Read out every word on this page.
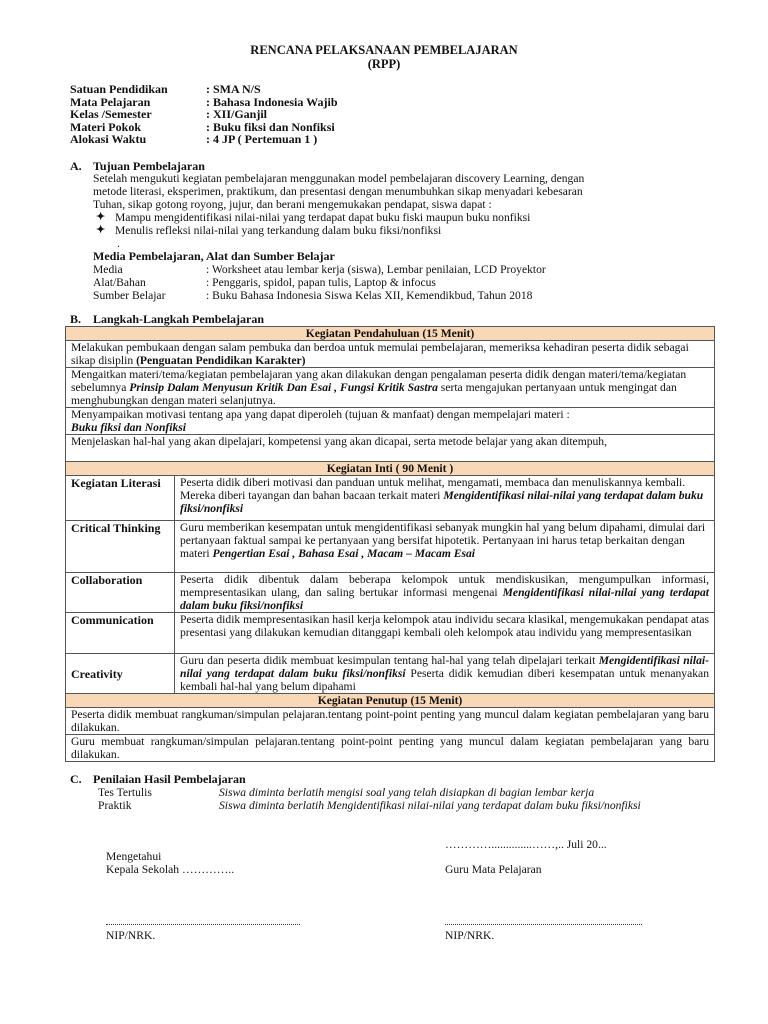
RENCANA PELAKSANAAN PEMBELAJARAN
(RPP)
Satuan Pendidikan	: SMA N/S
Mata Pelajaran	: Bahasa Indonesia Wajib
Kelas /Semester	: XII/Ganjil
Materi Pokok	: Buku fiksi dan Nonfiksi
Alokasi Waktu	: 4 JP ( Pertemuan 1 )
A. Tujuan Pembelajaran
Setelah mengukuti kegiatan pembelajaran menggunakan model pembelajaran discovery Learning, dengan
metode literasi, eksperimen, praktikum, dan presentasi dengan menumbuhkan sikap menyadari kebesaran
Tuhan, sikap gotong royong, jujur, dan berani mengemukakan pendapat, siswa dapat :
✦ Mampu mengidentifikasi nilai-nilai yang terdapat dapat buku fiski maupun buku nonfiksi
✦ Menulis refleksi nilai-nilai yang terkandung dalam buku fiksi/nonfiksi
.
Media Pembelajaran, Alat dan Sumber Belajar
Media	: Worksheet atau lembar kerja (siswa), Lembar penilaian, LCD Proyektor
Alat/Bahan	: Penggaris, spidol, papan tulis, Laptop & infocus
Sumber Belajar	: Buku Bahasa Indonesia Siswa Kelas XII, Kemendikbud, Tahun 2018
B. Langkah-Langkah Pembelajaran
Kegiatan Pendahuluan (15 Menit)	
Melakukan pembukaan dengan salam pembuka dan berdoa untuk memulai pembelajaran, memeriksa kehadiran peserta didik sebagai sikap disiplin (Penguatan Pendidikan Karakter)	
Mengaitkan materi/tema/kegiatan pembelajaran yang akan dilakukan dengan pengalaman peserta didik dengan materi/tema/kegiatan sebelumnya Prinsip Dalam Menyusun Kritik Dan Esai , Fungsi Kritik Sastra serta mengajukan pertanyaan untuk mengingat dan menghubungkan dengan materi selanjutnya.	

Menyampaikan motivasi tentang apa yang dapat diperoleh (tujuan & manfaat) dengan mempelajari materi :
Buku fiksi dan Nonfiksi	

Menjelaskan hal-hal yang akan dipelajari, kompetensi yang akan dicapai, serta metode belajar yang akan ditempuh,	
Kegiatan Inti ( 90 Menit )	
Kegiatan Literasi	Peserta didik diberi motivasi dan panduan untuk melihat, mengamati, membaca dan menuliskannya kembali. Mereka diberi tayangan dan bahan bacaan terkait materi Mengidentifikasi nilai-nilai yang terdapat dalam buku fiksi/nonfiksi
Critical Thinking	Guru memberikan kesempatan untuk mengidentifikasi sebanyak mungkin hal yang belum dipahami, dimulai dari pertanyaan faktual sampai ke pertanyaan yang bersifat hipotetik. Pertanyaan ini harus tetap berkaitan dengan materi Pengertian Esai , Bahasa Esai , Macam – Macam Esai
Collaboration	Peserta didik dibentuk dalam beberapa kelompok untuk mendiskusikan, mengumpulkan informasi, mempresentasikan ulang, dan saling bertukar informasi mengenai Mengidentifikasi nilai-nilai yang terdapat dalam buku fiksi/nonfiksi
Communication	Peserta didik mempresentasikan hasil kerja kelompok atau individu secara klasikal, mengemukakan pendapat atas presentasi yang dilakukan kemudian ditanggapi kembali oleh kelompok atau individu yang mempresentasikan
Creativity	Guru dan peserta didik membuat kesimpulan tentang hal-hal yang telah dipelajari terkait Mengidentifikasi nilai-nilai yang terdapat dalam buku fiksi/nonfiksi Peserta didik kemudian diberi kesempatan untuk menanyakan kembali hal-hal yang belum dipahami
Kegiatan Penutup (15 Menit)	
Peserta didik membuat rangkuman/simpulan pelajaran.tentang point-point penting yang muncul dalam kegiatan pembelajaran yang baru dilakukan.	
Guru membuat rangkuman/simpulan pelajaran.tentang point-point penting yang muncul dalam kegiatan pembelajaran yang baru dilakukan.	
C. Penilaian Hasil Pembelajaran
Tes Tertulis	Siswa diminta berlatih mengisi soal yang telah disiapkan di bagian lembar kerja
Praktik	Siswa diminta berlatih Mengidentifikasi nilai-nilai yang terdapat dalam buku fiksi/nonfiksi
…………..............……,.. Juli 20...
Mengetahui
Kepala Sekolah …………..	Guru Mata Pelajaran
NIP/NRK.	NIP/NRK.
